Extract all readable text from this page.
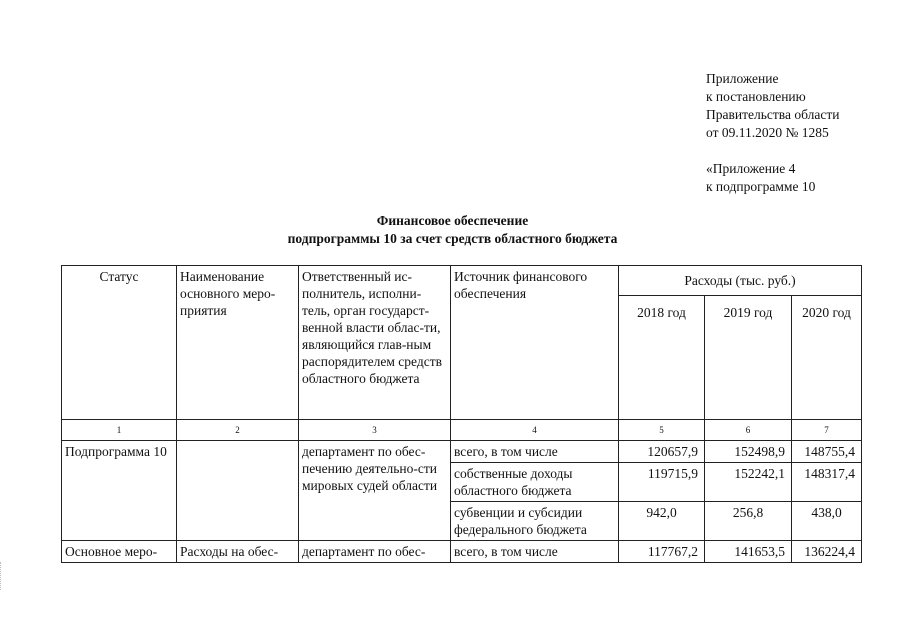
Приложение
к постановлению
Правительства области
от 09.11.2020 № 1285
«Приложение 4
к подпрограмме 10
Финансовое обеспечение
подпрограммы 10 за счет средств областного бюджета
Статус	Наименование основного меро-приятия	Ответственный ис-полнитель, исполни-тель, орган государст-венной власти облас-ти, являющийся глав-ным распорядителем средств областного бюджета	Источник финансового обеспечения	Расходы (тыс. руб.)		
				2018 год	2019 год	2020 год
1	2	3	4	5	6	7
Подпрограмма 10		департамент по обес-печению деятельно-сти мировых судей области	всего, в том числе	120657,9	152498,9	148755,4
			собственные доходы областного бюджета	119715,9	152242,1	148317,4
			субвенции и субсидии федерального бюджета	942,0	256,8	438,0
Основное меро-	Расходы на обес-	департамент по обес-	всего, в том числе	117767,2	141653,5	136224,4
